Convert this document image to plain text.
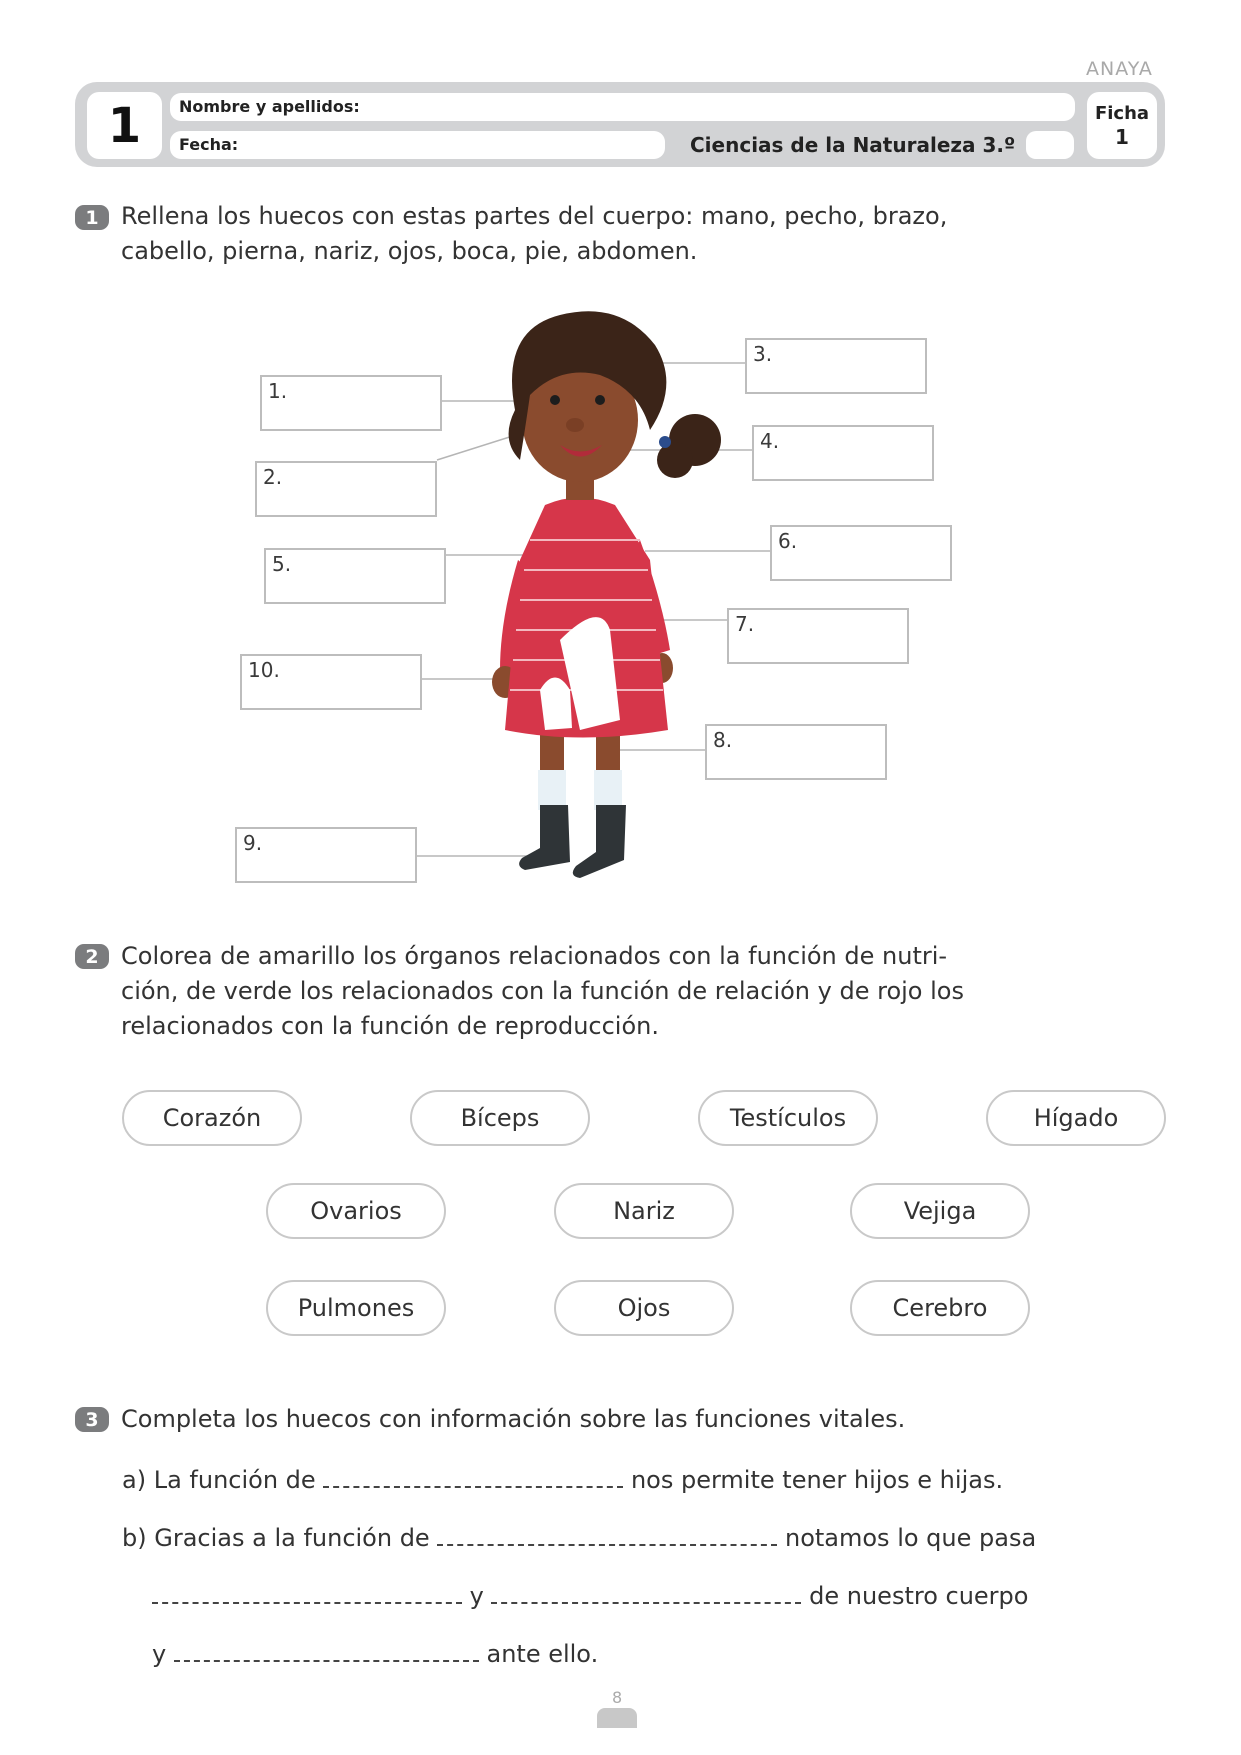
ANAYA
1	Nombre y apellidos:
Fecha:	Ciencias de la Naturaleza 3.º
Ficha
1
1 Rellena los huecos con estas partes del cuerpo: mano, pecho, brazo,
cabello, pierna, nariz, ojos, boca, pie, abdomen.
1.
2.
3.
4.
5.
6.
7.
8.
9.
10.
2 Colorea de amarillo los órganos relacionados con la función de nutri-
ción, de verde los relacionados con la función de relación y de rojo los
relacionados con la función de reproducción.
Corazón	Bíceps	Testículos	Hígado
Ovarios	Nariz	Vejiga
Pulmones	Ojos	Cerebro
3 Completa los huecos con información sobre las funciones vitales.
a) La función de	nos permite tener hijos e hijas.
b) Gracias a la función de	notamos lo que pasa
y	de nuestro cuerpo
y	ante ello.
8
